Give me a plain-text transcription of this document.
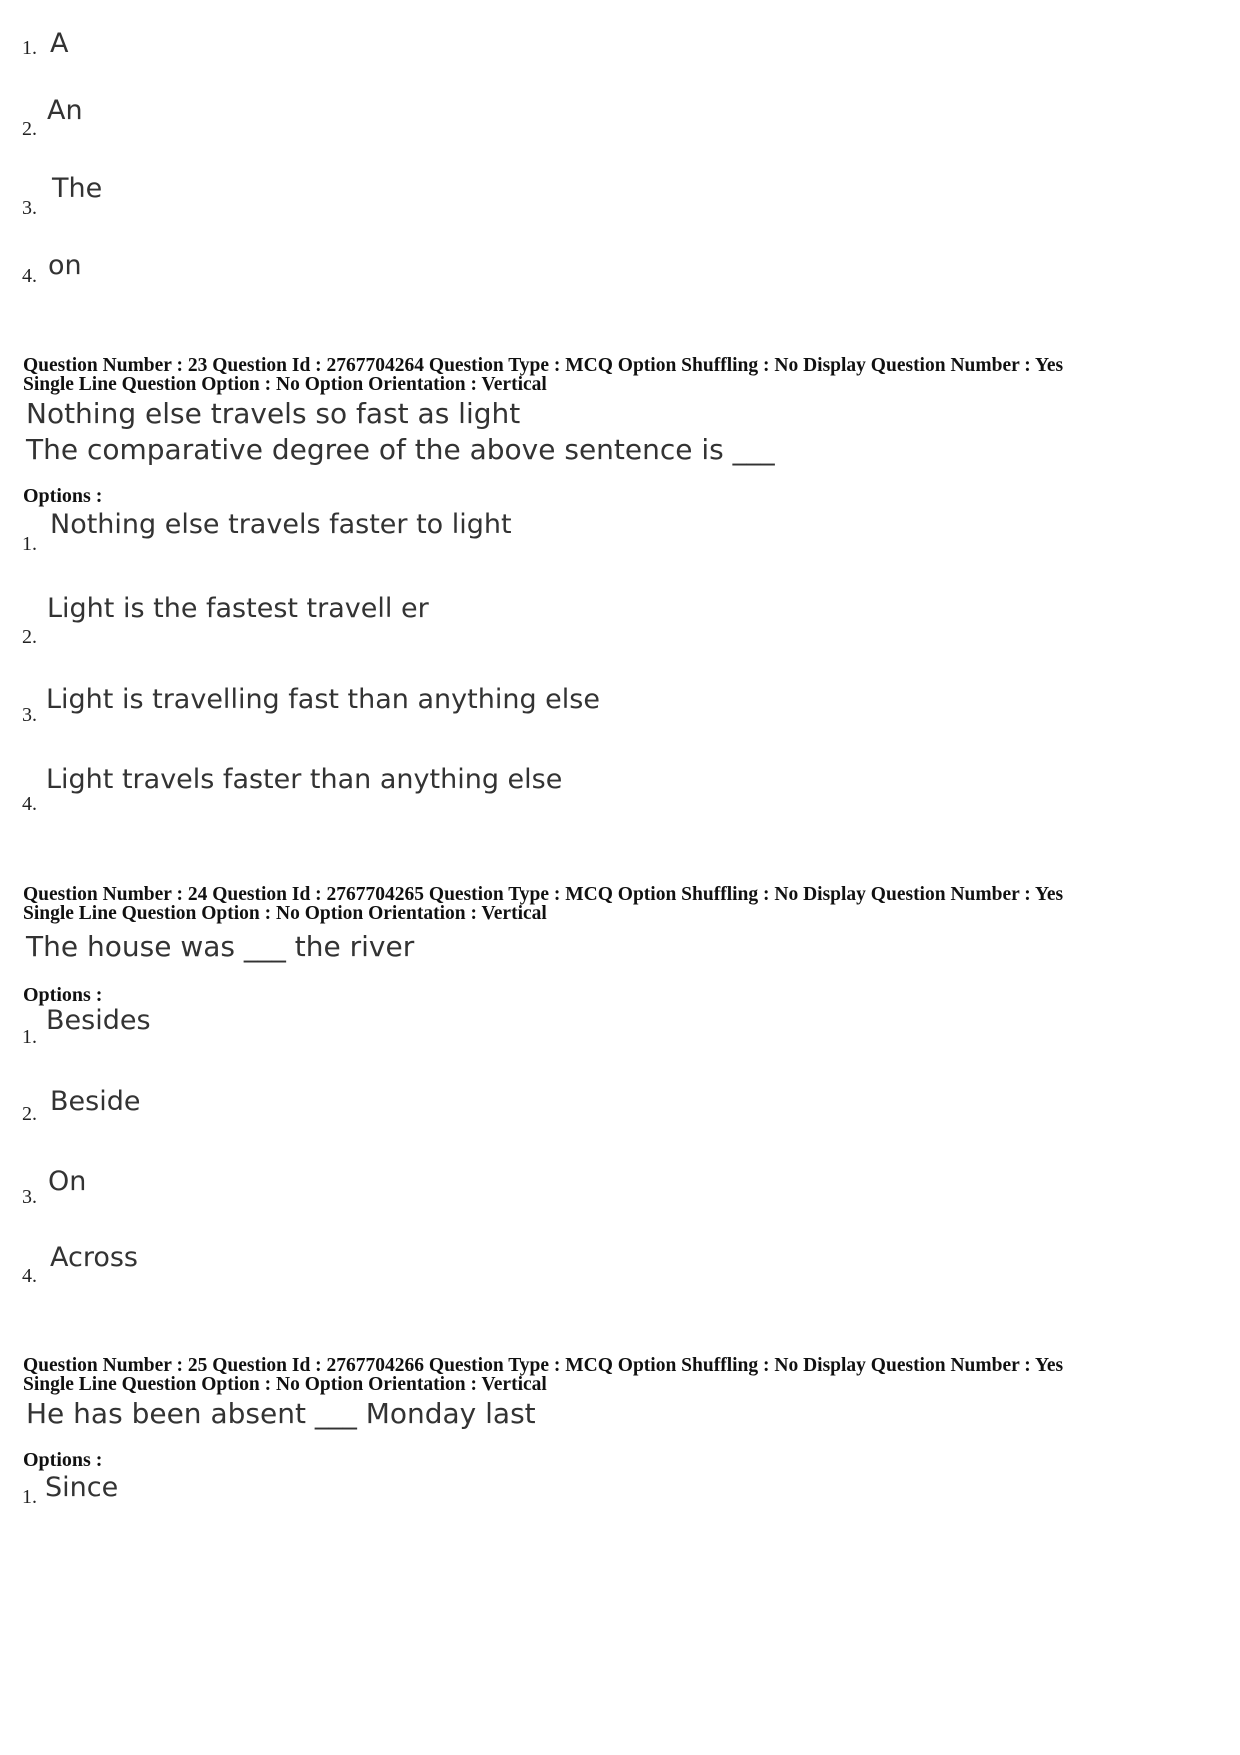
1. A
2.
An
3.
The
4. on
Question Number : 23 Question Id : 2767704264 Question Type : MCQ Option Shuffling : No Display Question Number : Yes
Single Line Question Option : No Option Orientation : Vertical
Nothing else travels so fast as light
The comparative degree of the above sentence is ___
Options :
1.
Nothing else travels faster to light
2.
Light is the fastest travell er
3. Light is travelling fast than anything else
4.
Light travels faster than anything else
Question Number : 24 Question Id : 2767704265 Question Type : MCQ Option Shuffling : No Display Question Number : Yes
Single Line Question Option : No Option Orientation : Vertical
The house was ___ the river
Options :
1.
Besides
2. Beside
3. On
4.
Across
Question Number : 25 Question Id : 2767704266 Question Type : MCQ Option Shuffling : No Display Question Number : Yes
Single Line Question Option : No Option Orientation : Vertical
He has been absent ___ Monday last
Options :
1. Since
